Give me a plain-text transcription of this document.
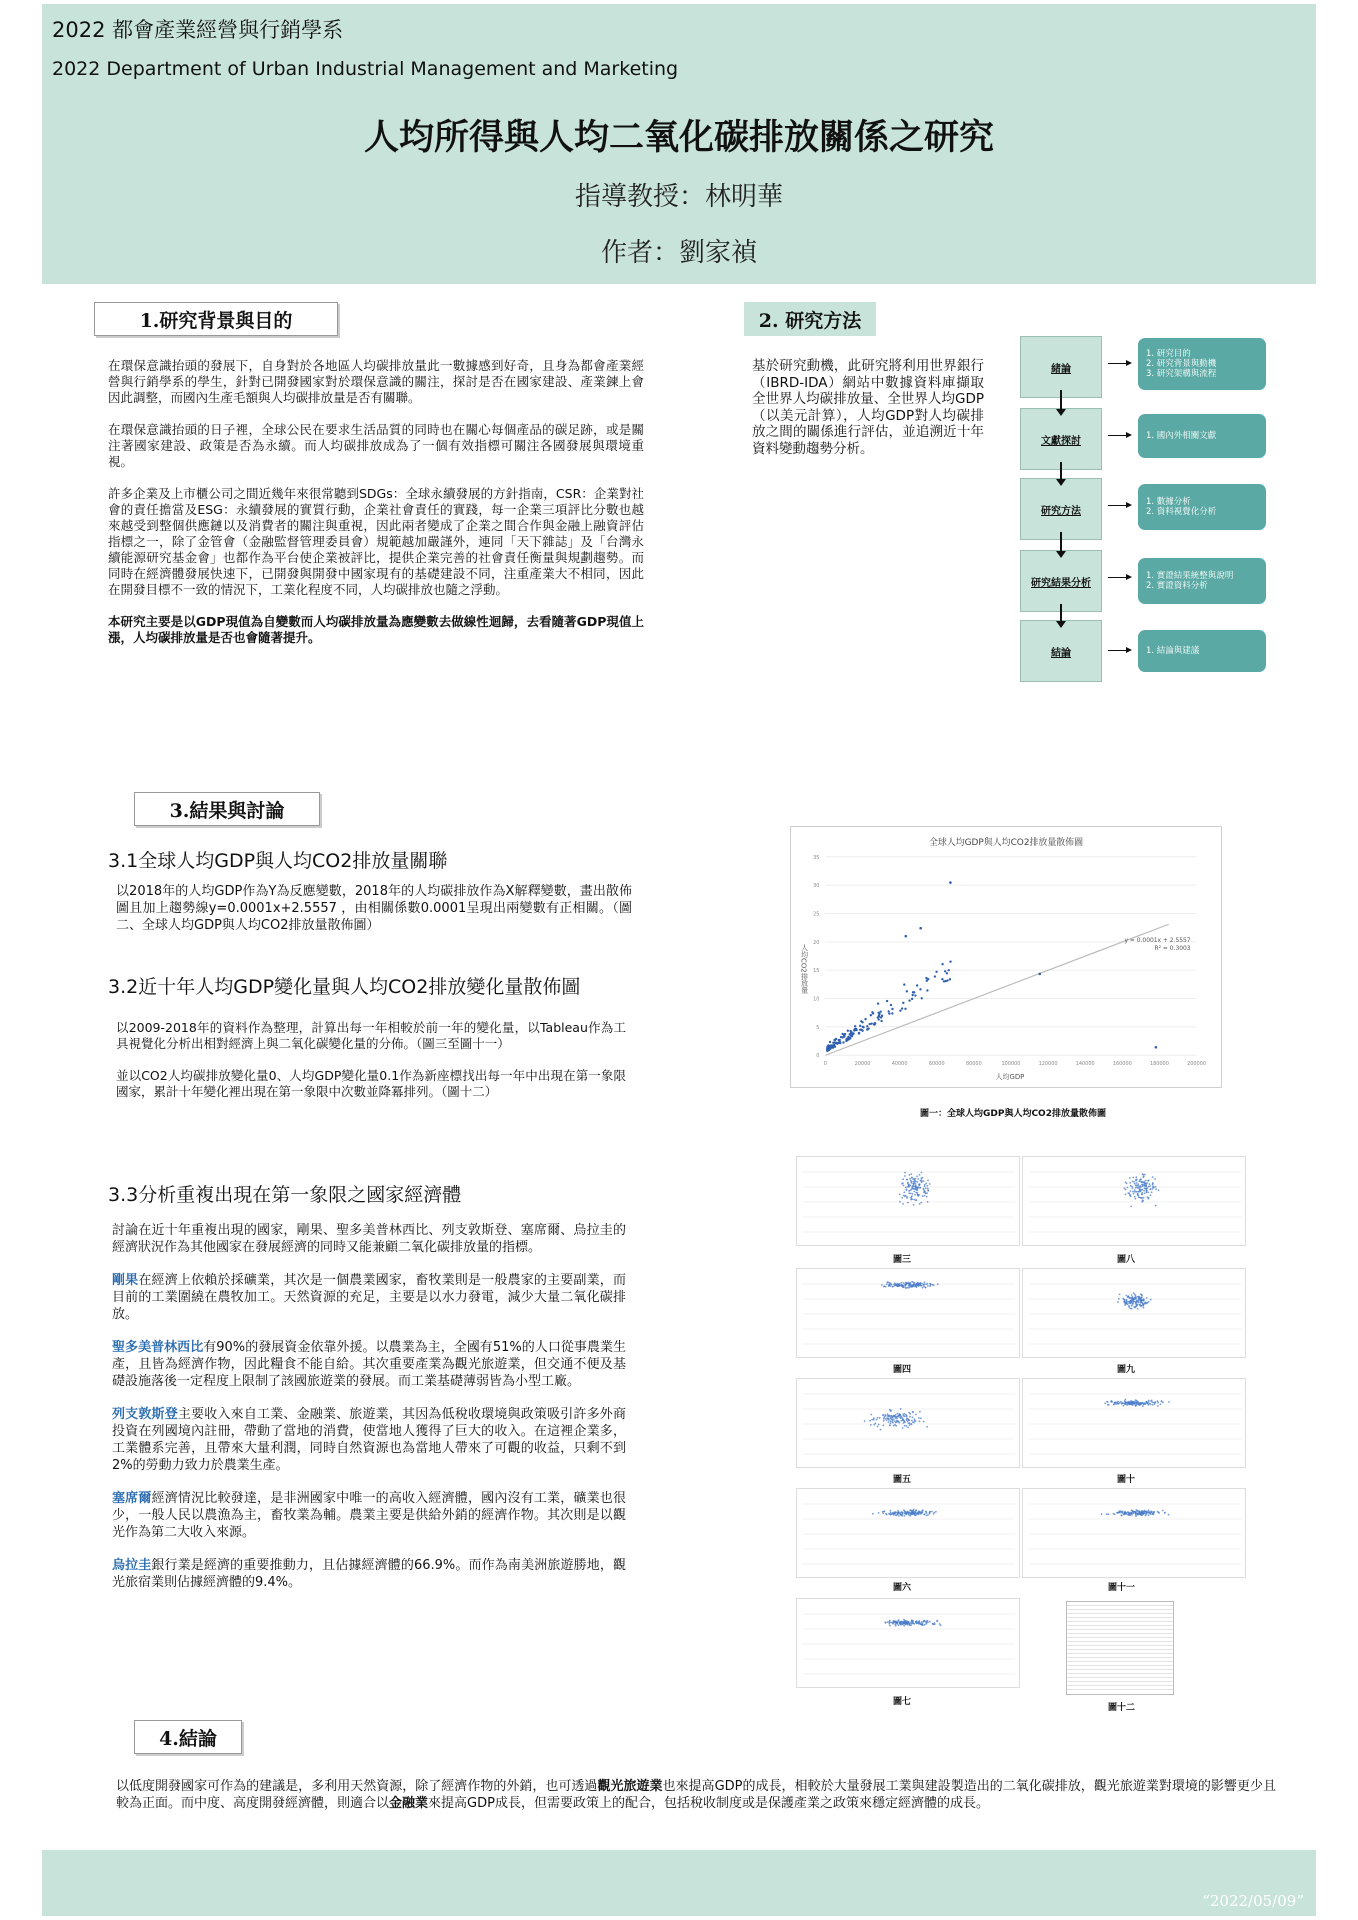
2022 都會產業經營與行銷學系
2022 Department of Urban Industrial Management and Marketing
人均所得與人均二氧化碳排放關係之研究
指導教授：林明華
作者：劉家禎
1.研究背景與目的

在環保意識抬頭的發展下，自身對於各地區人均碳排放量此一數據感到好奇，且身為都會產業經營與行銷學系的學生，針對已開發國家對於環保意識的關注，探討是否在國家建設、產業鍊上會因此調整，而國內生產毛額與人均碳排放量是否有關聯。

在環保意識抬頭的日子裡，全球公民在要求生活品質的同時也在關心每個產品的碳足跡，或是關注著國家建設、政策是否為永續。而人均碳排放成為了一個有效指標可關注各國發展與環境重視。

許多企業及上市櫃公司之間近幾年來很常聽到SDGs：全球永續發展的方針指南，CSR：企業對社會的責任擔當及ESG：永續發展的實質行動，企業社會責任的實踐，每一企業三項評比分數也越來越受到整個供應鏈以及消費者的關注與重視，因此兩者變成了企業之間合作與金融上融資評估指標之一，除了金管會（金融監督管理委員會）規範越加嚴謹外，連同「天下雜誌」及「台灣永續能源研究基金會」也都作為平台使企業被評比，提供企業完善的社會責任衡量與規劃趨勢。而同時在經濟體發展快速下，已開發與開發中國家現有的基礎建設不同，注重產業大不相同，因此在開發目標不一致的情況下，工業化程度不同，人均碳排放也隨之浮動。

本研究主要是以GDP現值為自變數而人均碳排放量為應變數去做線性迴歸，去看隨著GDP現值上漲，人均碳排放量是否也會隨著提升。

2. 研究方法
基於研究動機，此研究將利用世界銀行（IBRD-IDA）網站中數據資料庫擷取全世界人均碳排放量、全世界人均GDP（以美元計算），人均GDP對人均碳排放之間的關係進行評估，並追溯近十年資料變動趨勢分析。
緒論
文獻探討
研究方法
研究結果分析
結論
1. 研究目的
2. 研究背景與動機
3. 研究架構與流程
1. 國內外相關文獻
1. 數據分析
2. 資料視覺化分析
1. 實證結果統整與說明
2. 實證資料分析
1. 結論與建議
3.結果與討論
3.1全球人均GDP與人均CO2排放量關聯
以2018年的人均GDP作為Y為反應變數，2018年的人均碳排放作為X解釋變數，畫出散佈圖且加上趨勢線y=0.0001x+2.5557 ，由相關係數0.0001呈現出兩變數有正相關。（圖二、全球人均GDP與人均CO2排放量散佈圖）
3.2近十年人均GDP變化量與人均CO2排放變化量散佈圖

以2009-2018年的資料作為整理，計算出每一年相較於前一年的變化量，以Tableau作為工具視覺化分析出相對經濟上與二氧化碳變化量的分佈。（圖三至圖十一）

並以CO2人均碳排放變化量0、人均GDP變化量0.1作為新座標找出每一年中出現在第一象限國家，累計十年變化裡出現在第一象限中次數並降冪排列。（圖十二）

3.3分析重複出現在第一象限之國家經濟體

討論在近十年重複出現的國家，剛果、聖多美普林西比、列支敦斯登、塞席爾、烏拉圭的經濟狀況作為其他國家在發展經濟的同時又能兼顧二氧化碳排放量的指標。

剛果在經濟上依賴於採礦業，其次是一個農業國家，畜牧業則是一般農家的主要副業，而目前的工業圍繞在農牧加工。天然資源的充足，主要是以水力發電，減少大量二氧化碳排放。

聖多美普林西比有90%的發展資金依靠外援。以農業為主，全國有51%的人口從事農業生產，且皆為經濟作物，因此糧食不能自給。其次重要產業為觀光旅遊業，但交通不便及基礎設施落後一定程度上限制了該國旅遊業的發展。而工業基礎薄弱皆為小型工廠。

列支敦斯登主要收入來自工業、金融業、旅遊業，其因為低稅收環境與政策吸引許多外商投資在列國境內註冊，帶動了當地的消費，使當地人獲得了巨大的收入。在這裡企業多，工業體系完善，且帶來大量利潤，同時自然資源也為當地人帶來了可觀的收益，只剩不到2%的勞動力致力於農業生產。

塞席爾經濟情況比較發達，是非洲國家中唯一的高收入經濟體，國內沒有工業，礦業也很少，一般人民以農漁為主，畜牧業為輔。農業主要是供給外銷的經濟作物。其次則是以觀光作為第二大收入來源。

烏拉圭銀行業是經濟的重要推動力，且佔據經濟體的66.9%。而作為南美洲旅遊勝地，觀光旅宿業則佔據經濟體的9.4%。

全球人均GDP與人均CO2排放量散佈圖
35
30
25
20
15
10
5
0
0	20000	40000	60000	80000	100000	120000	140000	160000	180000	200000
y = 0.0001x + 2.5557
R² = 0.3003
人均CO2排放量
人均GDP
圖一：全球人均GDP與人均CO2排放量散佈圖
圖三
圖四
圖五
圖六
圖七
圖八
圖九
圖十
圖十一
圖十二
4.結論
以低度開發國家可作為的建議是，多利用天然資源，除了經濟作物的外銷，也可透過觀光旅遊業也來提高GDP的成長，相較於大量發展工業與建設製造出的二氧化碳排放，觀光旅遊業對環境的影響更少且較為正面。而中度、高度開發經濟體，則適合以金融業來提高GDP成長，但需要政策上的配合，包括稅收制度或是保護產業之政策來穩定經濟體的成長。
“2022/05/09”
